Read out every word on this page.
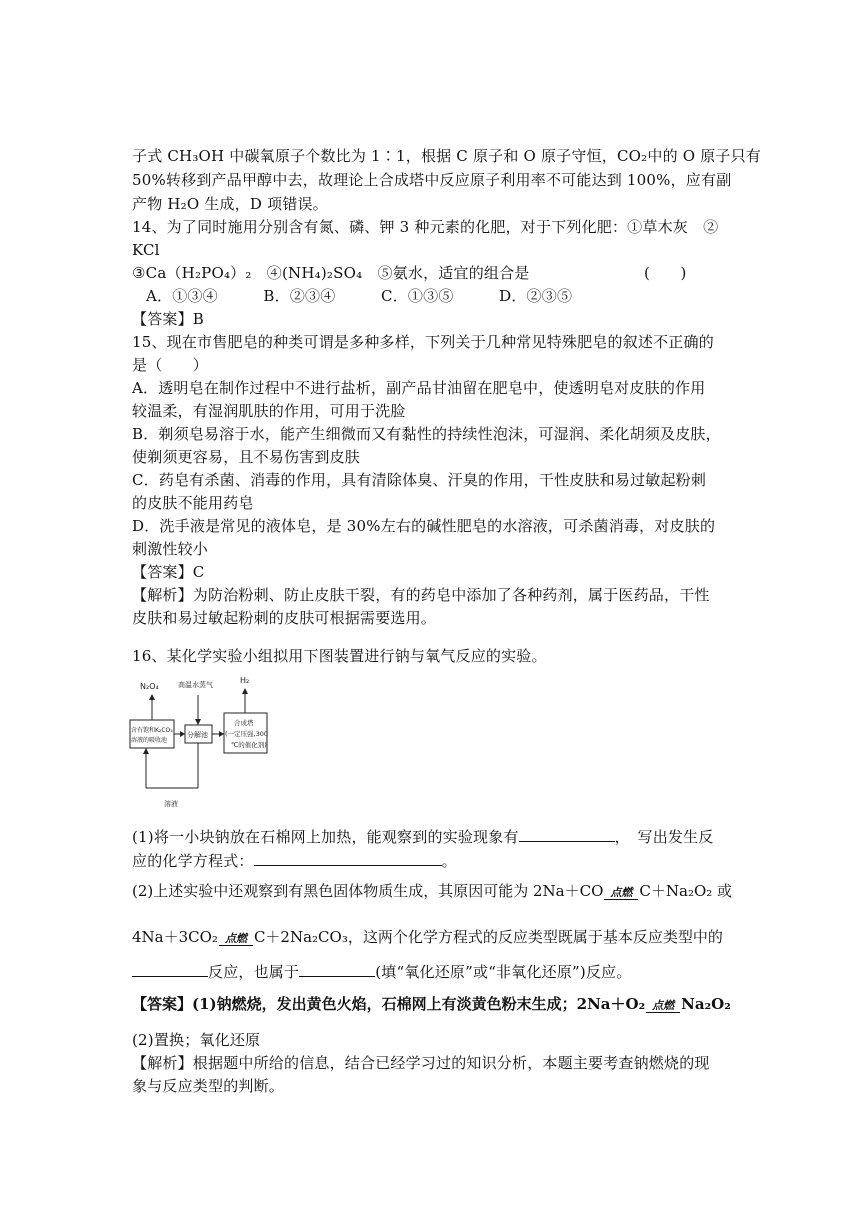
子式 CH₃OH 中碳氧原子个数比为 1∶1，根据 C 原子和 O 原子守恒，CO₂中的 O 原子只有
50%转移到产品甲醇中去，故理论上合成塔中反应原子利用率不可能达到 100%，应有副
产物 H₂O 生成，D 项错误。
14、为了同时施用分别含有氮、磷、钾 3 种元素的化肥，对于下列化肥：①草木灰　②
KCl
③Ca（H₂PO₄）₂　④(NH₄)₂SO₄　⑤氨水，适宜的组合是	(　　)
A．①③④　　　B．②③④　　　C．①③⑤　　　D．②③⑤
【答案】B
15、现在市售肥皂的种类可谓是多种多样，下列关于几种常见特殊肥皂的叙述不正确的
是（　　）
A．透明皂在制作过程中不进行盐析，副产品甘油留在肥皂中，使透明皂对皮肤的作用
较温柔，有湿润肌肤的作用，可用于洗脸
B．剃须皂易溶于水，能产生细微而又有黏性的持续性泡沫，可湿润、柔化胡须及皮肤，
使剃须更容易，且不易伤害到皮肤
C．药皂有杀菌、消毒的作用，具有清除体臭、汗臭的作用，干性皮肤和易过敏起粉刺
的皮肤不能用药皂
D．洗手液是常见的液体皂，是 30%左右的碱性肥皂的水溶液，可杀菌消毒，对皮肤的
刺激性较小
【答案】C
【解析】为防治粉刺、防止皮肤干裂，有的药皂中添加了各种药剂，属于医药品，干性
皮肤和易过敏起粉刺的皮肤可根据需要选用。
16、某化学实验小组拟用下图装置进行钠与氧气反应的实验。
N₂O₄	高温水蒸气	H₂
含有饱和K₂CO₃
溶液的吸收池
分解池
合成塔
(一定压强,300
℃的催化剂)
溶液
(1)将一小块钠放在石棉网上加热，能观察到的实验现象有	，　写出发生反
应的化学方程式：	。
(2)上述实验中还观察到有黑色固体物质生成，其原因可能为 2Na＋CO 点燃 C＋Na₂O₂ 或
4Na＋3CO₂ 点燃 C＋2Na₂CO₃，这两个化学方程式的反应类型既属于基本反应类型中的
反应，也属于	(填“氧化还原”或“非氧化还原”)反应。
【答案】(1)钠燃烧，发出黄色火焰，石棉网上有淡黄色粉末生成；2Na＋O₂ 点燃 Na₂O₂
(2)置换；氧化还原
【解析】根据题中所给的信息，结合已经学习过的知识分析，本题主要考查钠燃烧的现
象与反应类型的判断。
